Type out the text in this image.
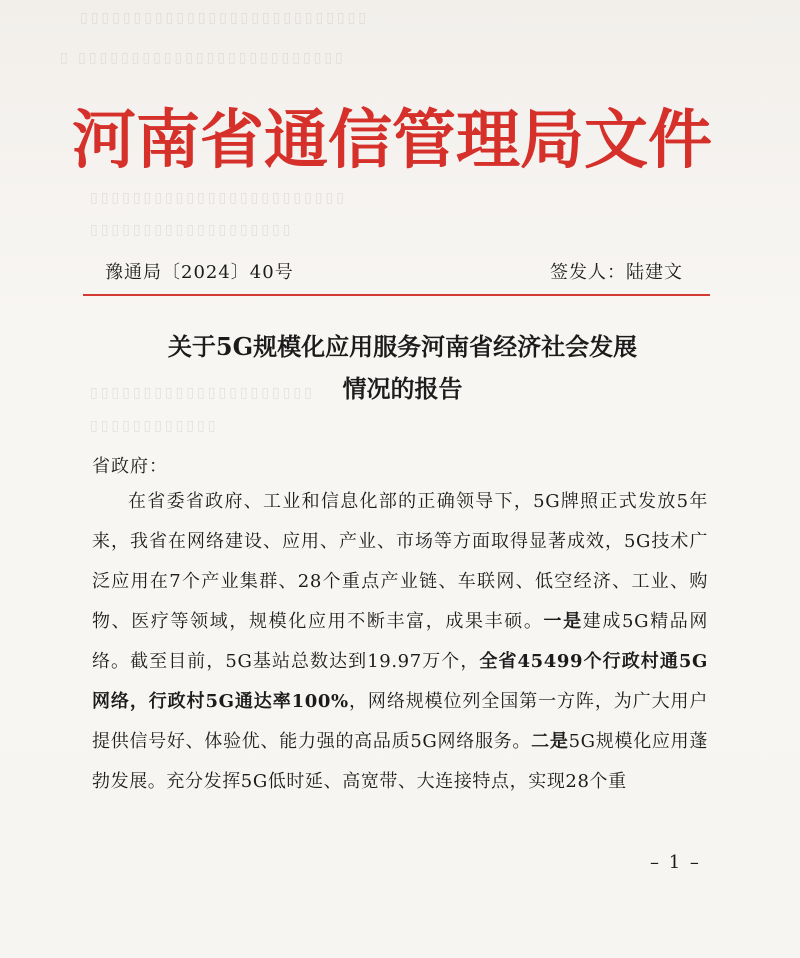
▯▯▯▯▯▯▯▯▯▯▯▯▯▯▯▯▯▯▯▯▯▯▯▯▯▯▯
▯ ▯▯▯▯▯▯▯▯▯▯▯▯▯▯▯▯▯▯▯▯▯▯▯▯▯
▯▯▯▯▯▯▯▯▯▯▯▯▯▯▯▯▯▯▯▯▯▯▯▯
▯▯▯▯▯▯▯▯▯▯▯▯▯▯▯▯▯▯▯
▯▯▯▯▯▯▯▯▯▯▯▯▯▯▯▯▯▯▯▯▯
▯▯▯▯▯▯▯▯▯▯▯▯
河南省通信管理局文件
豫通局〔2024〕40号	签发人：陆建文
关于5G规模化应用服务河南省经济社会发展
情况的报告
省政府：
在省委省政府、工业和信息化部的正确领导下，5G牌照正式发放5年来，我省在网络建设、应用、产业、市场等方面取得显著成效，5G技术广泛应用在7个产业集群、28个重点产业链、车联网、低空经济、工业、购物、医疗等领域，规模化应用不断丰富，成果丰硕。一是建成5G精品网络。截至目前，5G基站总数达到19.97万个，全省45499个行政村通5G网络，行政村5G通达率100%，网络规模位列全国第一方阵，为广大用户提供信号好、体验优、能力强的高品质5G网络服务。二是5G规模化应用蓬勃发展。充分发挥5G低时延、高宽带、大连接特点，实现28个重
– 1 –
